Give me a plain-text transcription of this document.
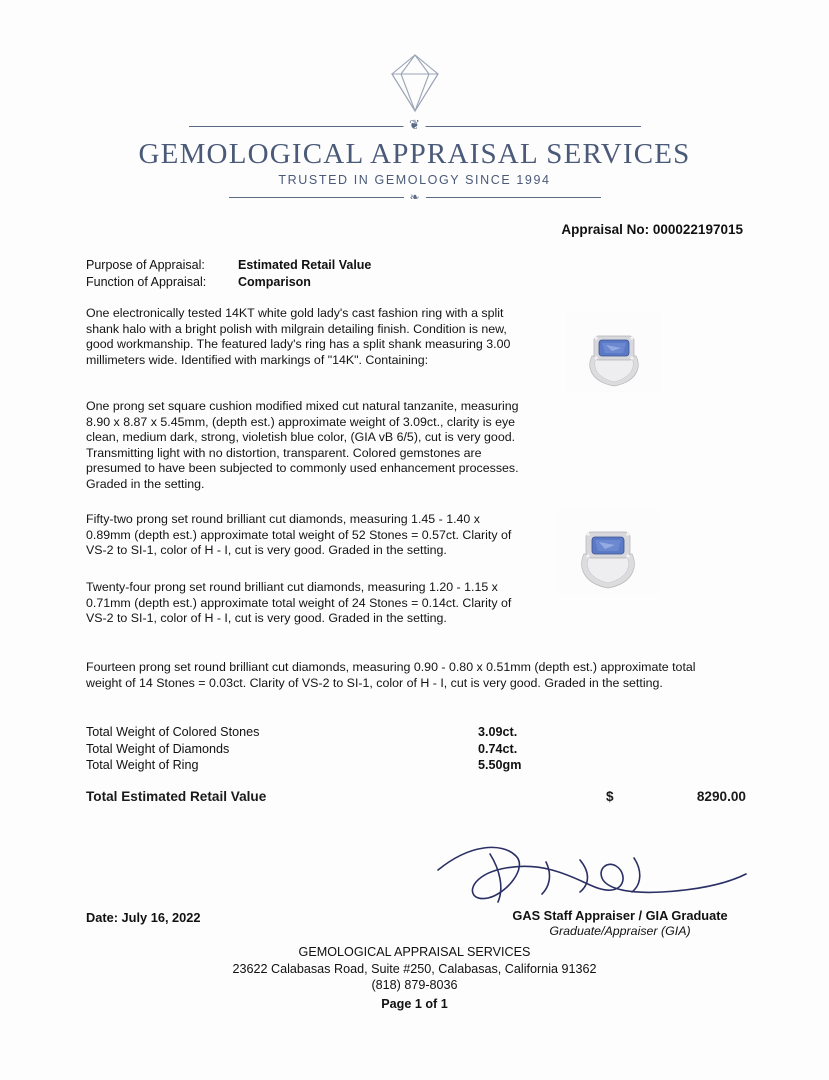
❦
GEMOLOGICAL APPRAISAL SERVICES
TRUSTED IN GEMOLOGY SINCE 1994
❧
Appraisal No: 000022197015
Purpose of Appraisal:	Estimated Retail Value
Function of Appraisal:	Comparison
One electronically tested 14KT white gold lady's cast fashion ring with a split shank halo with a bright polish with milgrain detailing finish. Condition is new, good workmanship. The featured lady's ring has a split shank measuring 3.00 millimeters wide. Identified with markings of "14K". Containing:
One prong set square cushion modified mixed cut natural tanzanite, measuring 8.90 x 8.87 x 5.45mm, (depth est.) approximate weight of 3.09ct., clarity is eye clean, medium dark, strong, violetish blue color, (GIA vB 6/5), cut is very good. Transmitting light with no distortion, transparent. Colored gemstones are presumed to have been subjected to commonly used enhancement processes. Graded in the setting.
Fifty-two prong set round brilliant cut diamonds, measuring 1.45 - 1.40 x 0.89mm (depth est.) approximate total weight of 52 Stones = 0.57ct. Clarity of VS-2 to SI-1, color of H - I, cut is very good. Graded in the setting.
Twenty-four prong set round brilliant cut diamonds, measuring 1.20 - 1.15 x 0.71mm (depth est.) approximate total weight of 24 Stones = 0.14ct. Clarity of VS-2 to SI-1, color of H - I, cut is very good. Graded in the setting.
Fourteen prong set round brilliant cut diamonds, measuring 0.90 - 0.80 x 0.51mm (depth est.) approximate total weight of 14 Stones = 0.03ct. Clarity of VS-2 to SI-1, color of H - I, cut is very good. Graded in the setting.
Total Weight of Colored Stones	3.09ct.
Total Weight of Diamonds	0.74ct.
Total Weight of Ring	5.50gm
Total Estimated Retail Value	$	8290.00
Date: July 16, 2022	GAS Staff Appraiser / GIA Graduate
Graduate/Appraiser (GIA)
GEMOLOGICAL APPRAISAL SERVICES
23622 Calabasas Road, Suite #250, Calabasas, California 91362
(818) 879-8036
Page 1 of 1
